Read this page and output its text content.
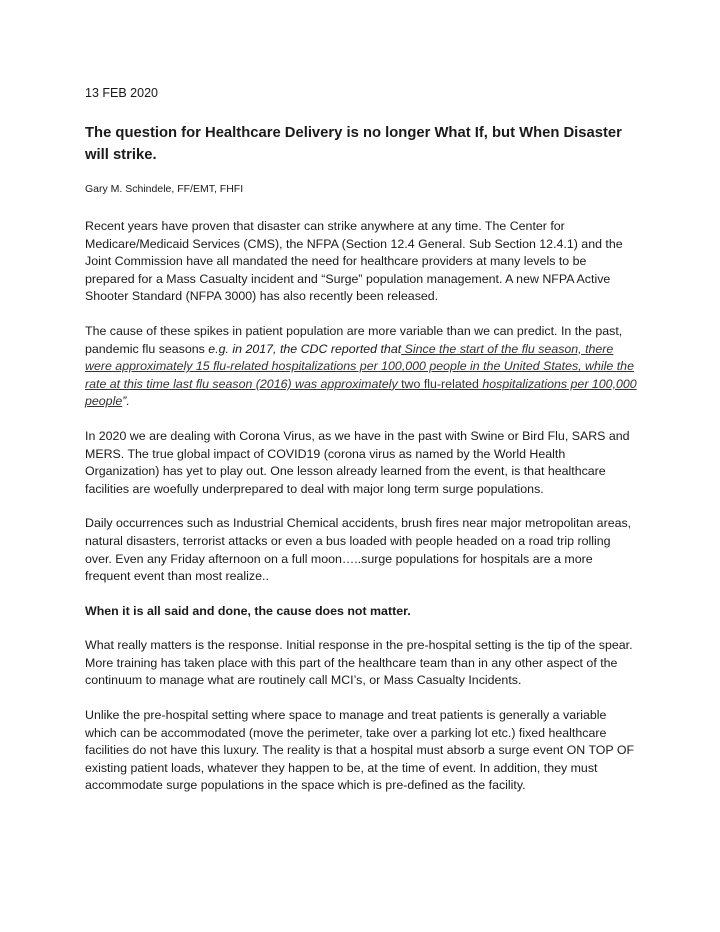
13 FEB 2020

The question for Healthcare Delivery is no longer What If, but When Disaster will strike.

Gary M. Schindele, FF/EMT, FHFI

Recent years have proven that disaster can strike anywhere at any time. The Center for Medicare/Medicaid Services (CMS), the NFPA (Section 12.4 General. Sub Section 12.4.1) and the Joint Commission have all mandated the need for healthcare providers at many levels to be prepared for a Mass Casualty incident and “Surge” population management. A new NFPA Active Shooter Standard (NFPA 3000) has also recently been released.

The cause of these spikes in patient population are more variable than we can predict. In the past, pandemic flu seasons e.g. in 2017, the CDC reported that Since the start of the flu season, there were approximately 15 flu-related hospitalizations per 100,000 people in the United States, while the rate at this time last flu season (2016) was approximately two flu-related hospitalizations per 100,000 people”.

In 2020 we are dealing with Corona Virus, as we have in the past with Swine or Bird Flu, SARS and MERS. The true global impact of COVID19 (corona virus as named by the World Health Organization) has yet to play out. One lesson already learned from the event, is that healthcare facilities are woefully underprepared to deal with major long term surge populations.

Daily occurrences such as Industrial Chemical accidents, brush fires near major metropolitan areas, natural disasters, terrorist attacks or even a bus loaded with people headed on a road trip rolling over. Even any Friday afternoon on a full moon…..surge populations for hospitals are a more frequent event than most realize..

When it is all said and done, the cause does not matter.

What really matters is the response. Initial response in the pre-hospital setting is the tip of the spear. More training has taken place with this part of the healthcare team than in any other aspect of the continuum to manage what are routinely call MCI’s, or Mass Casualty Incidents.

Unlike the pre-hospital setting where space to manage and treat patients is generally a variable which can be accommodated (move the perimeter, take over a parking lot etc.) fixed healthcare facilities do not have this luxury. The reality is that a hospital must absorb a surge event ON TOP OF existing patient loads, whatever they happen to be, at the time of event. In addition, they must accommodate surge populations in the space which is pre-defined as the facility.
